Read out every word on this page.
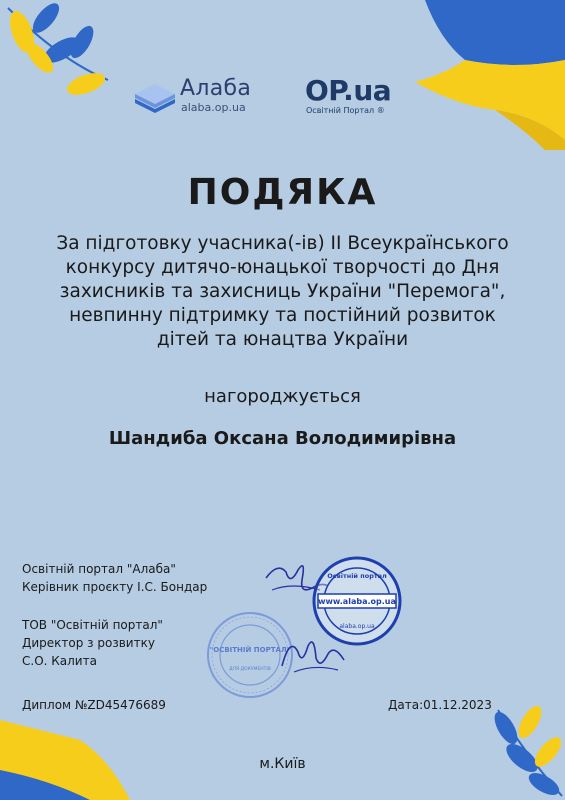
Алаба
alaba.op.ua
OP.ua
Освітній Портал ®
ПОДЯКА
За підготовку учасника(-ів) ІІ Всеукраїнського
конкурсу дитячо-юнацької творчості до Дня
захисників та захисниць України "Перемога",
невпинну підтримку та постійний розвиток
дітей та юнацтва України
нагороджується
Шандиба Оксана Володимирівна
Освітній портал "Алаба"
Керівник проєкту І.С. Бондар
ТОВ "Освітній портал"
Директор з розвитку
С.О. Калита
"ОСВІТНІЙ ПОРТАЛ"
ДЛЯ ДОКУМЕНТІВ
www.alaba.op.ua
Освітній портал
alaba.op.ua
Диплом №ZD45476689	Дата:01.12.2023
м.Київ
